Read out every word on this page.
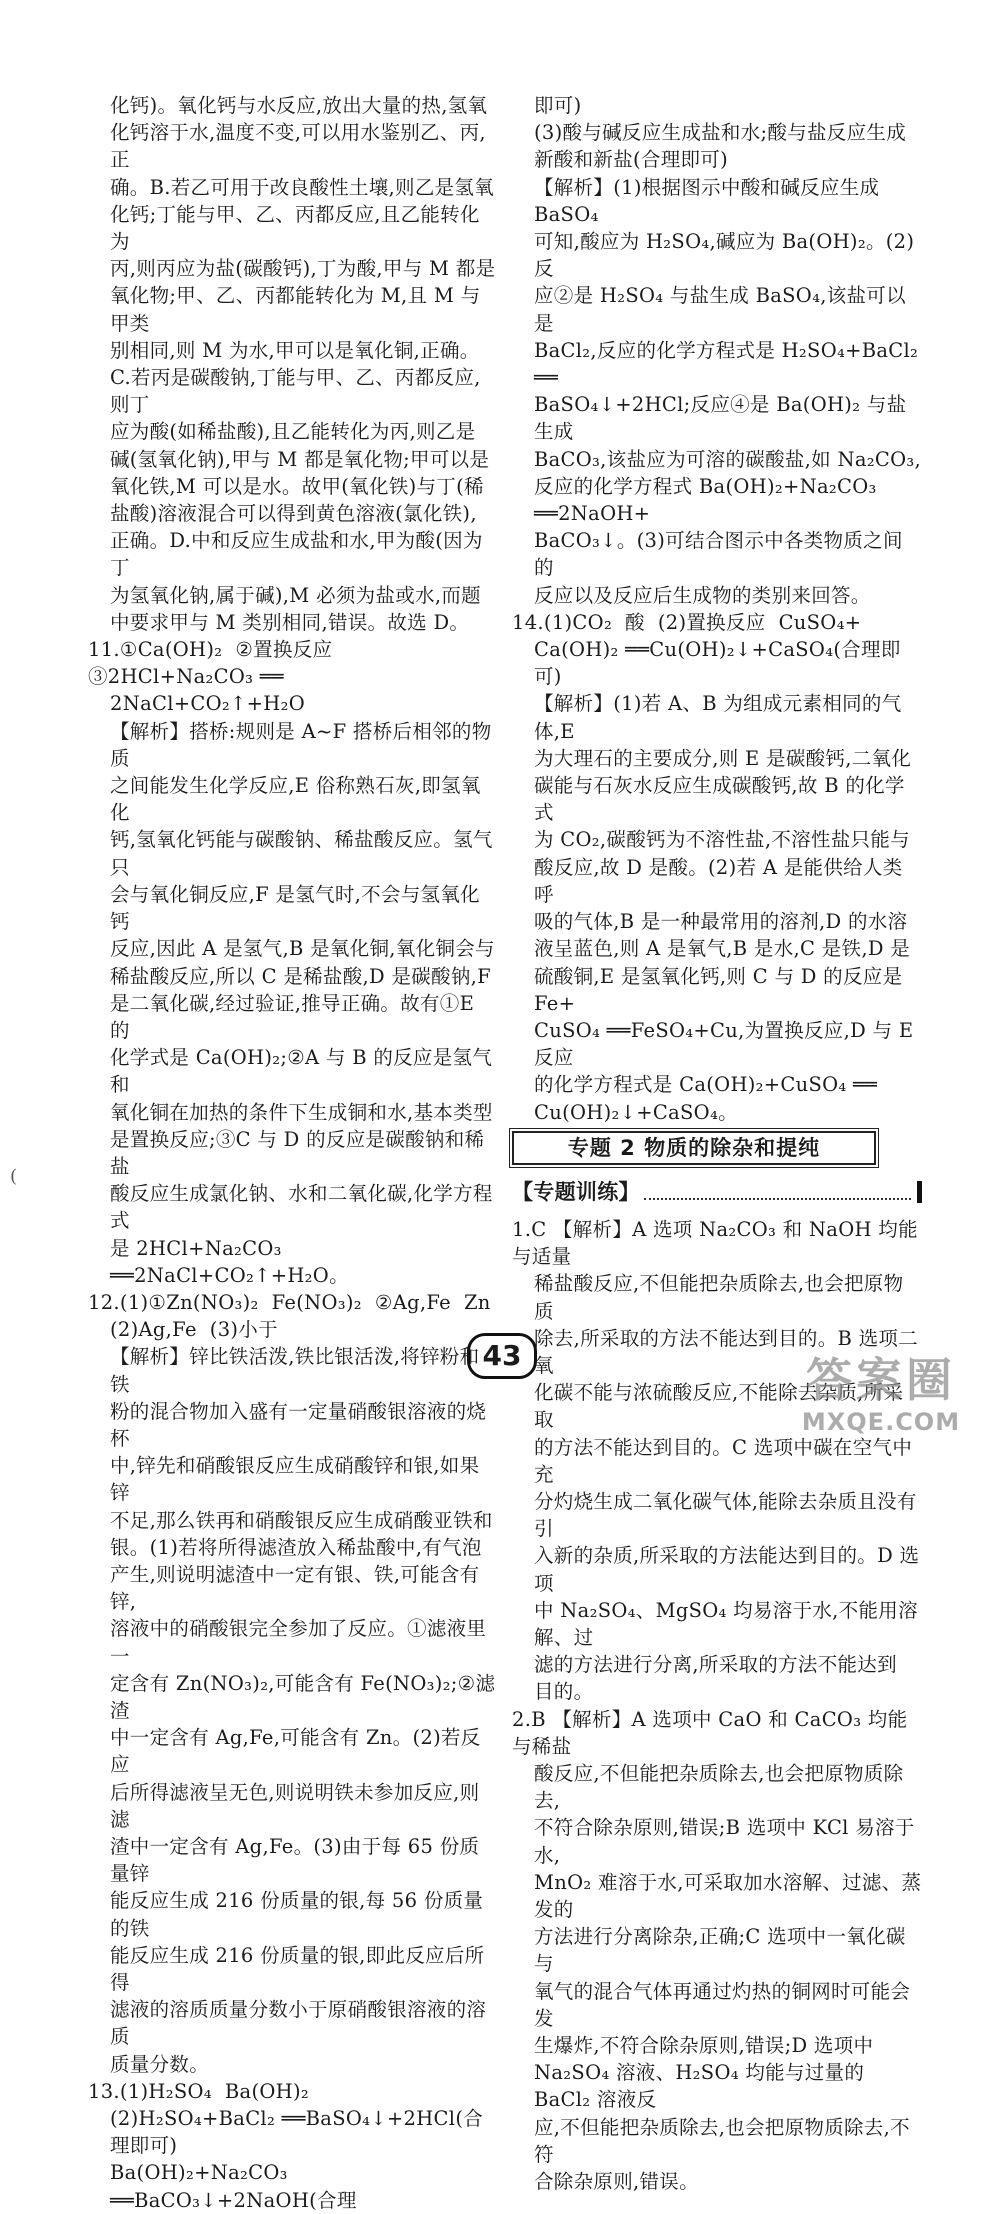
化钙)。氧化钙与水反应,放出大量的热,氢氧

化钙溶于水,温度不变,可以用水鉴别乙、丙,正

确。B.若乙可用于改良酸性土壤,则乙是氢氧

化钙;丁能与甲、乙、丙都反应,且乙能转化为

丙,则丙应为盐(碳酸钙),丁为酸,甲与 M 都是

氧化物;甲、乙、丙都能转化为 M,且 M 与甲类

别相同,则 M 为水,甲可以是氧化铜,正确。

C.若丙是碳酸钠,丁能与甲、乙、丙都反应,则丁

应为酸(如稀盐酸),且乙能转化为丙,则乙是

碱(氢氧化钠),甲与 M 都是氧化物;甲可以是

氧化铁,M 可以是水。故甲(氧化铁)与丁(稀

盐酸)溶液混合可以得到黄色溶液(氯化铁),

正确。D.中和反应生成盐和水,甲为酸(因为丁

为氢氧化钠,属于碱),M 必须为盐或水,而题

中要求甲与 M 类别相同,错误。故选 D。

11.①Ca(OH)₂  ②置换反应  ③2HCl+Na₂CO₃ ══

2NaCl+CO₂↑+H₂O

【解析】搭桥:规则是 A~F 搭桥后相邻的物质

之间能发生化学反应,E 俗称熟石灰,即氢氧化

钙,氢氧化钙能与碳酸钠、稀盐酸反应。氢气只

会与氧化铜反应,F 是氢气时,不会与氢氧化钙

反应,因此 A 是氢气,B 是氧化铜,氧化铜会与

稀盐酸反应,所以 C 是稀盐酸,D 是碳酸钠,F

是二氧化碳,经过验证,推导正确。故有①E 的

化学式是 Ca(OH)₂;②A 与 B 的反应是氢气和

氧化铜在加热的条件下生成铜和水,基本类型

是置换反应;③C 与 D 的反应是碳酸钠和稀盐

酸反应生成氯化钠、水和二氧化碳,化学方程式

是 2HCl+Na₂CO₃ ══2NaCl+CO₂↑+H₂O。

12.(1)①Zn(NO₃)₂  Fe(NO₃)₂  ②Ag,Fe  Zn

(2)Ag,Fe  (3)小于

【解析】锌比铁活泼,铁比银活泼,将锌粉和铁

粉的混合物加入盛有一定量硝酸银溶液的烧杯

中,锌先和硝酸银反应生成硝酸锌和银,如果锌

不足,那么铁再和硝酸银反应生成硝酸亚铁和

银。(1)若将所得滤渣放入稀盐酸中,有气泡

产生,则说明滤渣中一定有银、铁,可能含有锌,

溶液中的硝酸银完全参加了反应。①滤液里一

定含有 Zn(NO₃)₂,可能含有 Fe(NO₃)₂;②滤渣

中一定含有 Ag,Fe,可能含有 Zn。(2)若反应

后所得滤液呈无色,则说明铁未参加反应,则滤

渣中一定含有 Ag,Fe。(3)由于每 65 份质量锌

能反应生成 216 份质量的银,每 56 份质量的铁

能反应生成 216 份质量的银,即此反应后所得

滤液的溶质质量分数小于原硝酸银溶液的溶质

质量分数。

13.(1)H₂SO₄  Ba(OH)₂

(2)H₂SO₄+BaCl₂ ══BaSO₄↓+2HCl(合理即可)

Ba(OH)₂+Na₂CO₃ ══BaCO₃↓+2NaOH(合理

即可)

(3)酸与碱反应生成盐和水;酸与盐反应生成

新酸和新盐(合理即可)

【解析】(1)根据图示中酸和碱反应生成 BaSO₄

可知,酸应为 H₂SO₄,碱应为 Ba(OH)₂。(2)反

应②是 H₂SO₄ 与盐生成 BaSO₄,该盐可以是

BaCl₂,反应的化学方程式是 H₂SO₄+BaCl₂ ══

BaSO₄↓+2HCl;反应④是 Ba(OH)₂ 与盐生成

BaCO₃,该盐应为可溶的碳酸盐,如 Na₂CO₃,

反应的化学方程式 Ba(OH)₂+Na₂CO₃ ══2NaOH+

BaCO₃↓。(3)可结合图示中各类物质之间的

反应以及反应后生成物的类别来回答。

14.(1)CO₂  酸  (2)置换反应  CuSO₄+

Ca(OH)₂ ══Cu(OH)₂↓+CaSO₄(合理即可)

【解析】(1)若 A、B 为组成元素相同的气体,E

为大理石的主要成分,则 E 是碳酸钙,二氧化

碳能与石灰水反应生成碳酸钙,故 B 的化学式

为 CO₂,碳酸钙为不溶性盐,不溶性盐只能与

酸反应,故 D 是酸。(2)若 A 是能供给人类呼

吸的气体,B 是一种最常用的溶剂,D 的水溶

液呈蓝色,则 A 是氧气,B 是水,C 是铁,D 是

硫酸铜,E 是氢氧化钙,则 C 与 D 的反应是 Fe+

CuSO₄ ══FeSO₄+Cu,为置换反应,D 与 E 反应

的化学方程式是 Ca(OH)₂+CuSO₄ ══

Cu(OH)₂↓+CaSO₄。

专题 2 物质的除杂和提纯
【专题训练】

1.C 【解析】A 选项 Na₂CO₃ 和 NaOH 均能与适量

稀盐酸反应,不但能把杂质除去,也会把原物质

除去,所采取的方法不能达到目的。B 选项二氧

化碳不能与浓硫酸反应,不能除去杂质,所采取

的方法不能达到目的。C 选项中碳在空气中充

分灼烧生成二氧化碳气体,能除去杂质且没有引

入新的杂质,所采取的方法能达到目的。D 选项

中 Na₂SO₄、MgSO₄ 均易溶于水,不能用溶解、过

滤的方法进行分离,所采取的方法不能达到

目的。

2.B 【解析】A 选项中 CaO 和 CaCO₃ 均能与稀盐

酸反应,不但能把杂质除去,也会把原物质除去,

不符合除杂原则,错误;B 选项中 KCl 易溶于水,

MnO₂ 难溶于水,可采取加水溶解、过滤、蒸发的

方法进行分离除杂,正确;C 选项中一氧化碳与

氧气的混合气体再通过灼热的铜网时可能会发

生爆炸,不符合除杂原则,错误;D 选项中

Na₂SO₄ 溶液、H₂SO₄ 均能与过量的 BaCl₂ 溶液反

应,不但能把杂质除去,也会把原物质除去,不符

合除杂原则,错误。

(
43	答案圈
MXQE.COM
